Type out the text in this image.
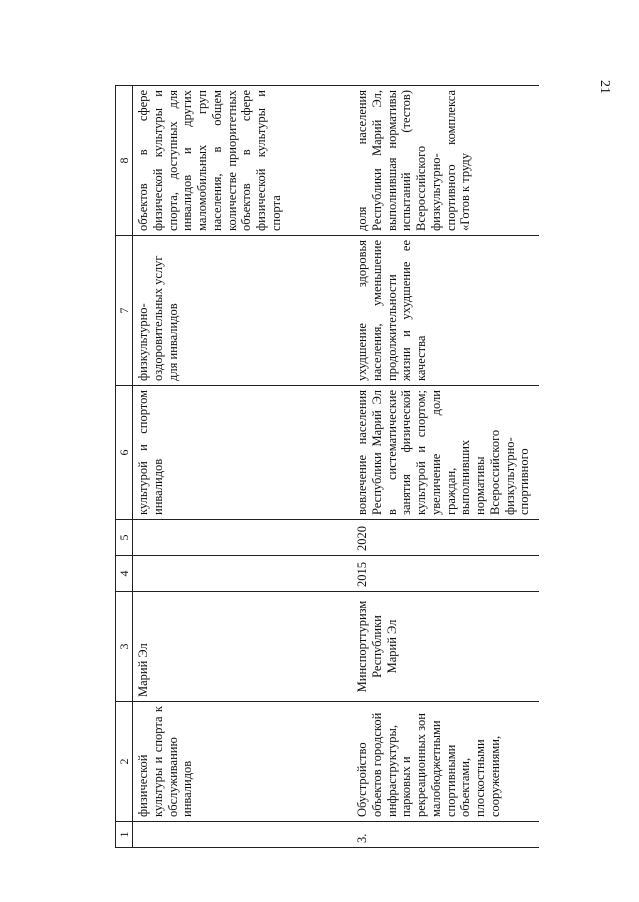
21
1	2	3	4	5	6	7	8
	физической культуры и спорта к обслуживанию инвалидов	Марий Эл			культурой и спортом инвалидов	физкультурно-оздоровительных услуг для инвалидов	объектов в сфере физической культуры и спорта, доступных для инвалидов и других маломобильных груп населения, в общем количестве приоритетных объектов в сфере физической культуры и спорта
3.	Обустройство объектов городской инфраструктуры, парковых и рекреационных зон малобюджетными спортивными объектами, плоскостными сооружениями,	Минспорттуризм Республики Марий Эл	2015	2020	вовлечение населения Республики Марий Эл в систематические занятия физической культурой и спортом; увеличение доли граждан, выполнивших нормативы Всероссийского физкультурно-спортивного	ухудшение здоровья населения, уменьшение продолжительности жизни и ухудшение ее качества	доля населения Республики Марий Эл, выполнившая нормативы испытаний (тестов) Всероссийского физкультурно-спортивного комплекса «Готов к труду
